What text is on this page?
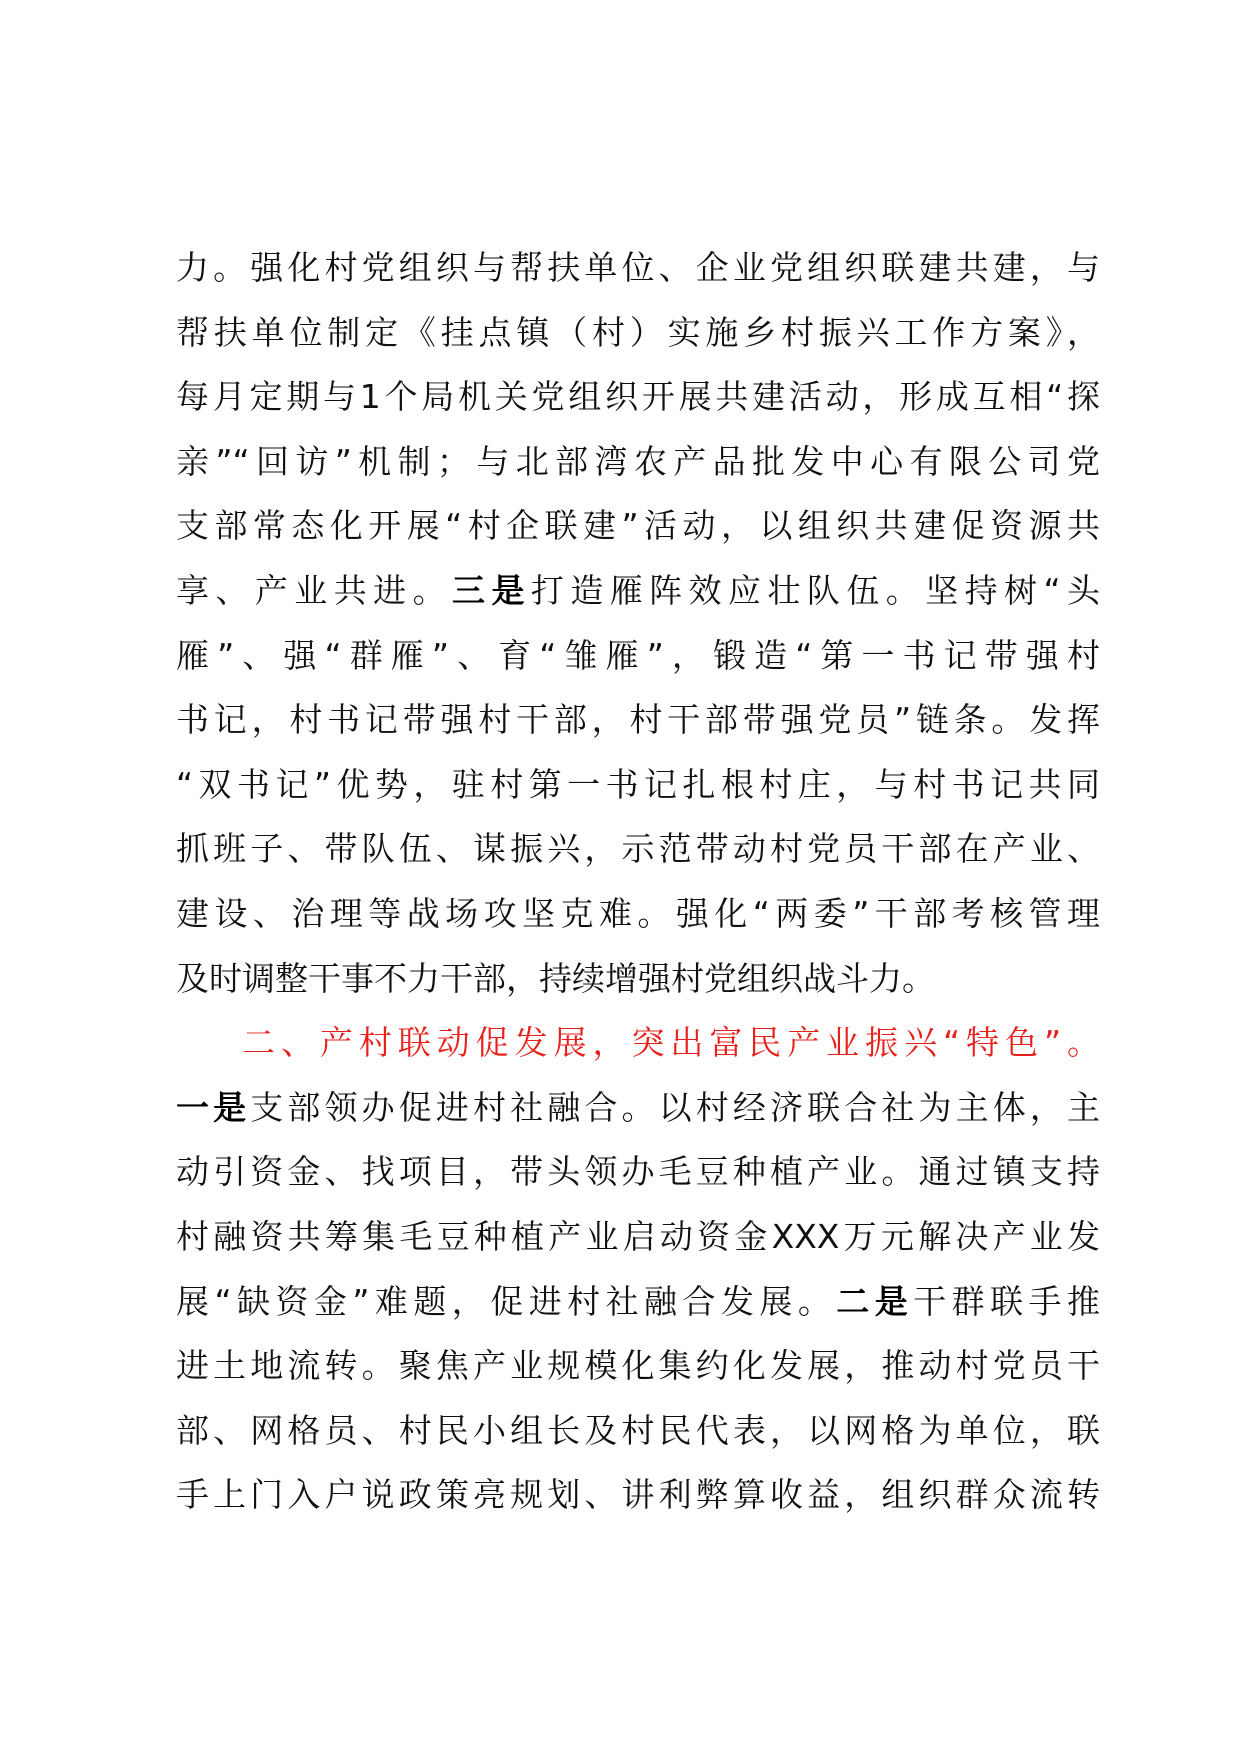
力。强化村党组织与帮扶单位、企业党组织联建共建，与
帮扶单位制定《挂点镇（村）实施乡村振兴工作方案》，
每月定期与1个局机关党组织开展共建活动，形成互相“探
亲”“回访”机制；与北部湾农产品批发中心有限公司党
支部常态化开展“村企联建”活动，以组织共建促资源共
享、产业共进。三是打造雁阵效应壮队伍。坚持树“头
雁”、强“群雁”、育“雏雁”，锻造“第一书记带强村
书记，村书记带强村干部，村干部带强党员”链条。发挥
“双书记”优势，驻村第一书记扎根村庄，与村书记共同
抓班子、带队伍、谋振兴，示范带动村党员干部在产业、
建设、治理等战场攻坚克难。强化“两委”干部考核管理
及时调整干事不力干部，持续增强村党组织战斗力。
二、产村联动促发展，突出富民产业振兴“特色”。
一是支部领办促进村社融合。以村经济联合社为主体，主
动引资金、找项目，带头领办毛豆种植产业。通过镇支持
村融资共筹集毛豆种植产业启动资金XXX万元解决产业发
展“缺资金”难题，促进村社融合发展。二是干群联手推
进土地流转。聚焦产业规模化集约化发展，推动村党员干
部、网格员、村民小组长及村民代表，以网格为单位，联
手上门入户说政策亮规划、讲利弊算收益，组织群众流转
